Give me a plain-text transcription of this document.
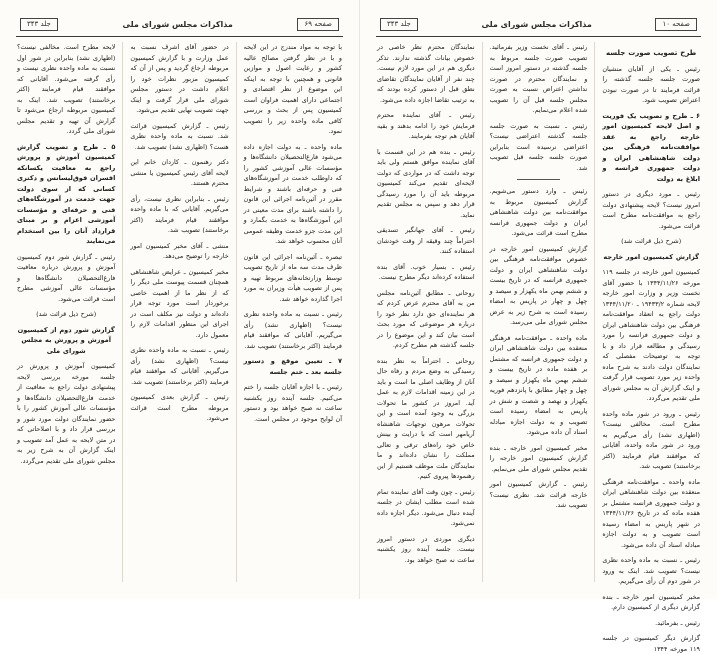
صفحه ۱۰
مذاکرات مجلس شورای ملی
جلد ۳۴۳

طرح تصویب صورت جلسه

رئیس ـ یکی از آقایان منشیان صورت جلسه جلسه گذشته را قرائت فرمایند تا در صورت نبودن اعتراض تصویب شود.

۶ ـ طرح و تصویب یک فوریت و اصل لایحه کمیسیون امور خارجه راجع به عقد موافقت‌نامه فرهنگی بین دولت شاهنشاهی ایران و دولت جمهوری فرانسه و ابلاغ به دولت

رئیس ـ مورد دیگری در دستور امروز نیست؟ لایحه پیشنهادی دولت راجع به موافقت‌نامه مطرح است قرائت می‌شود.

(شرح ذیل قرائت شد)

گزارش کمیسیون امور خارجه

کمیسیون امور خارجه در جلسه ۱۱۹ مورخه ۱۳۴۴/۱۱/۲۶ با حضور آقای نخست وزیر و وزارت امور خارجه لایحه شماره ۱۹۴۳۳/۲ ـ ۱۳۴۴/۱۱/۲۰ دولت راجع به انعقاد موافقت‌نامه فرهنگی بین دولت شاهنشاهی ایران و دولت جمهوری فرانسه را مورد رسیدگی و مطالعه قرار داد و با توجه به توضیحات مفصلی که نمایندگان دولت دادند به شرح ماده واحده زیر مورد تصویب قرار گرفت و اینک گزارش آن به مجلس شورای ملی تقدیم می‌گردد.

رئیس ـ ورود در شور ماده واحده مطرح است. مخالفی نیست؟ (اظهاری نشد) رأی می‌گیریم به ورود در شور ماده واحده، آقایانی که موافقند قیام فرمایند (اکثر برخاستند) تصویب شد.

ماده واحده ـ موافقت‌نامه فرهنگی منعقده بین دولت شاهنشاهی ایران و دولت جمهوری فرانسه مشتمل بر هفده ماده که در تاریخ ۱۳۴۴/۱۱/۲۶ در شهر پاریس به امضاء رسیده است تصویب و به دولت اجازه مبادله اسناد آن داده می‌شود.

رئیس ـ نسبت به ماده واحده نظری نیست؟ تصویب شد. اینک به ورود در شور دوم آن رأی می‌گیریم.

مخبر کمیسیون امور خارجه ـ بنده گزارش دیگری از کمیسیون دارم.

رئیس ـ بفرمائید.

گزارش دیگر کمیسیون در جلسه ۱۱۹ مورخه ۱۳۴۴

رئیس ـ آقای نخست وزیر بفرمائید. تصویب صورت جلسه مربوط به جلسه گذشته در دستور امروز است و نمایندگان محترم در صورت نداشتن اعتراض نسبت به صورت مجلس جلسه قبل آن را تصویب شده اعلام می‌نمایم.

رئیس ـ نسبت به صورت جلسه جلسه گذشته اعتراضی نیست؟ اعتراضی نرسیده است بنابراین صورت جلسه جلسه قبل تصویب شد.

رئیس ـ وارد دستور می‌شویم. گزارش کمیسیون مربوط به موافقت‌نامه بین دولت شاهنشاهی ایران و دولت جمهوری فرانسه مطرح است قرائت می‌شود.

گزارش کمیسیون امور خارجه در خصوص موافقت‌نامه فرهنگی بین دولت شاهنشاهی ایران و دولت جمهوری فرانسه که در تاریخ بیست و ششم بهمن ماه یکهزار و سیصد و چهل و چهار در پاریس به امضاء رسیده است به شرح زیر به عرض مجلس شورای ملی می‌رسد.

ماده واحده ـ موافقت‌نامه فرهنگی منعقده بین دولت شاهنشاهی ایران و دولت جمهوری فرانسه که مشتمل بر هفده ماده در تاریخ بیست و ششم بهمن ماه یکهزار و سیصد و چهل و چهار مطابق با پانزدهم فوریه یکهزار و نهصد و شصت و شش در پاریس به امضاء رسیده است تصویب و به دولت اجازه مبادله اسناد آن داده می‌شود.

مخبر کمیسیون امور خارجه ـ بنده گزارش کمیسیون امور خارجه را تقدیم مجلس شورای ملی می‌نمایم.

رئیس ـ گزارش کمیسیون امور خارجه قرائت شد. نظری نیست؟ تصویب شد.

نمایندگان محترم نظر خاصی در خصوص بیانات گذشته ندارند. تذکر دیگری هم در این مورد لازم نیست. چند نفر از آقایان نمایندگان تقاضای نطق قبل از دستور کرده بودند که به ترتیب تقاضا اجازه داده می‌شود.

رئیس ـ آقای نماینده محترم فرمایش خود را ادامه بدهند و بقیه آقایان هم توجه بفرمایند.

رئیس ـ بنده هم در این قسمت با آقای نماینده موافق هستم ولی باید توجه داشت که در مواردی که دولت لایحه‌ای تقدیم می‌کند کمیسیون مربوطه باید آن را مورد رسیدگی قرار دهد و سپس به مجلس تقدیم نماید.

رئیس ـ آقای جهانگیر تسدیقی احتراماً چند وقیقه از وقت خودشان استفاده کنند.

رئیس ـ بسیار خوب. آقای بنده استفاده کرده‌اند دیگر مطرح نیست.

روحانی ـ مطابق آئین‌نامه مجلس من به آقای محترم عرض کردم که هر نماینده‌ای حق دارد نظر خود را درباره هر موضوعی که مورد بحث است بیان کند و این موضوع را در جلسه گذشته هم مطرح کردم.

روحانی ـ احتراماً به نظر بنده رسیدگی به وضع مردم و رفاه حال آنان از وظایف اصلی ما است و باید در این زمینه اقدامات لازم به عمل آید. امروز در کشور ما تحولات بزرگی به وجود آمده است و این تحولات مرهون توجهات شاهنشاه آریامهر است که با درایت و بینش خاص خود راه‌های ترقی و تعالی مملکت را نشان داده‌اند و ما نمایندگان ملت موظف هستیم از این رهنمودها پیروی کنیم.

رئیس ـ چون وقت آقای نماینده تمام شده است مطلب ایشان در جلسه آینده دنبال می‌شود. دیگر اجازه داده نمی‌شود.

دیگری موردی در دستور امروز نیست. جلسه آینده روز یکشنبه ساعت نه صبح خواهد بود.

صفحه ۶۹
مذاکرات مجلس شورای ملی
جلد ۳۴۳

با توجه به مواد مندرج در این لایحه و با در نظر گرفتن مصالح عالیه کشور و رعایت اصول و موازین قانونی و همچنین با توجه به اینکه این موضوع از نظر اقتصادی و اجتماعی دارای اهمیت فراوان است کمیسیون پس از بحث و بررسی کافی ماده واحده زیر را تصویب نمود.

ماده واحده ـ به دولت اجازه داده می‌شود فارغ‌التحصیلان دانشگاه‌ها و مؤسسات عالی آموزشی کشور را که داوطلب خدمت در آموزشگاه‌های فنی و حرفه‌ای باشند و شرایط مقرر در آئین‌نامه اجرائی این قانون را داشته باشند برای مدت معینی در این آموزشگاه‌ها به خدمت بگمارد و این مدت جزو خدمت وظیفه عمومی آنان محسوب خواهد شد.

تبصره ـ آئین‌نامه اجرائی این قانون ظرف مدت سه ماه از تاریخ تصویب توسط وزارتخانه‌های مربوط تهیه و پس از تصویب هیأت وزیران به مورد اجرا گذارده خواهد شد.

رئیس ـ نسبت به ماده واحده نظری نیست؟ (اظهاری نشد) رأی می‌گیریم. آقایانی که موافقند قیام فرمایند (اکثر برخاستند) تصویب شد.

۷ ـ تعیین موقع و دستور جلسه بعد ـ ختم جلسه

رئیس ـ با اجازه آقایان جلسه را ختم می‌کنیم. جلسه آینده روز یکشنبه ساعت نه صبح خواهد بود و دستور آن لوایح موجود در مجلس است.

در حضور آقای اشرف نسبت به عمل وزارت و با گزارش کمیسیون مربوطه ارجاع گردید و پس از آن که کمیسیون مزبور نظرات خود را اعلام داشت در دستور مجلس شورای ملی قرار گرفت و اینک جهت تصویب نهایی تقدیم می‌شود.

رئیس ـ گزارش کمیسیون قرائت شد. نسبت به ماده واحده نظری هست؟ (اظهاری نشد) تصویب شد.

دکتر رهنمون ـ کاردان خانم این لایحه آقای رئیس کمیسیون یا منشی محترم هستند.

رئیس ـ بنابراین نظری نیست، رأی می‌گیریم. آقایانی که با ماده واحده موافقند قیام فرمایند (اکثر برخاستند) تصویب شد.

منشی ـ آقای مخبر کمیسیون امور خارجه را توضیح می‌دهد.

مخبر کمیسیون ـ عرایض شاهنشاهی همچنان قسمت پیوست ملی دیگر را که از نظر ما از اهمیت خاصی برخوردار است مورد توجه قرار داده‌اند و دولت نیز مکلف است در اجرای این منظور اقدامات لازم را معمول دارد.

رئیس ـ نسبت به ماده واحده نظری نیست؟ (اظهاری نشد) رأی می‌گیریم. آقایانی که موافقند قیام فرمایند (اکثر برخاستند) تصویب شد.

رئیس ـ گزارش بعدی کمیسیون مربوطه مطرح است قرائت می‌شود.

لایحه مطرح است. مخالفی نیست؟ (اظهاری نشد) بنابراین در شور اول نسبت به ماده واحده نظری نیست و رأی گرفته می‌شود. آقایانی که موافقند قیام فرمایند (اکثر برخاستند) تصویب شد. اینک به کمیسیون مربوطه ارجاع می‌شود تا گزارش آن تهیه و تقدیم مجلس شورای ملی گردد.

۵ ـ طرح و تصویب گزارش کمیسیون آموزش و پرورش راجع به معافیت یکسانکه افسران فوق‌لیسانس و دکتری کسانی که از سوی دولت جهت خدمت در آموزشگاه‌های فنی و حرفه‌ای و مؤسسات آموزشی اعزام و بر مبنای قرارداد آنان را بین استخدام می‌نمایند

رئیس ـ گزارش شور دوم کمیسیون آموزش و پرورش درباره معافیت فارغ‌التحصیلان دانشگاه‌ها و مؤسسات عالی آموزشی مطرح است قرائت می‌شود.

(شرح ذیل قرائت شد)

گزارش شور دوم از کمیسیون آموزش و پرورش به مجلس شورای ملی

کمیسیون آموزش و پرورش در جلسه مورخه بررسی لایحه پیشنهادی دولت راجع به معافیت از خدمت فارغ‌التحصیلان دانشگاه‌ها و مؤسسات عالی آموزش کشور را با حضور نمایندگان دولت مورد شور و بررسی قرار داد و با اصلاحاتی که در متن لایحه به عمل آمد تصویب و اینک گزارش آن به شرح زیر به مجلس شورای ملی تقدیم می‌گردد.
